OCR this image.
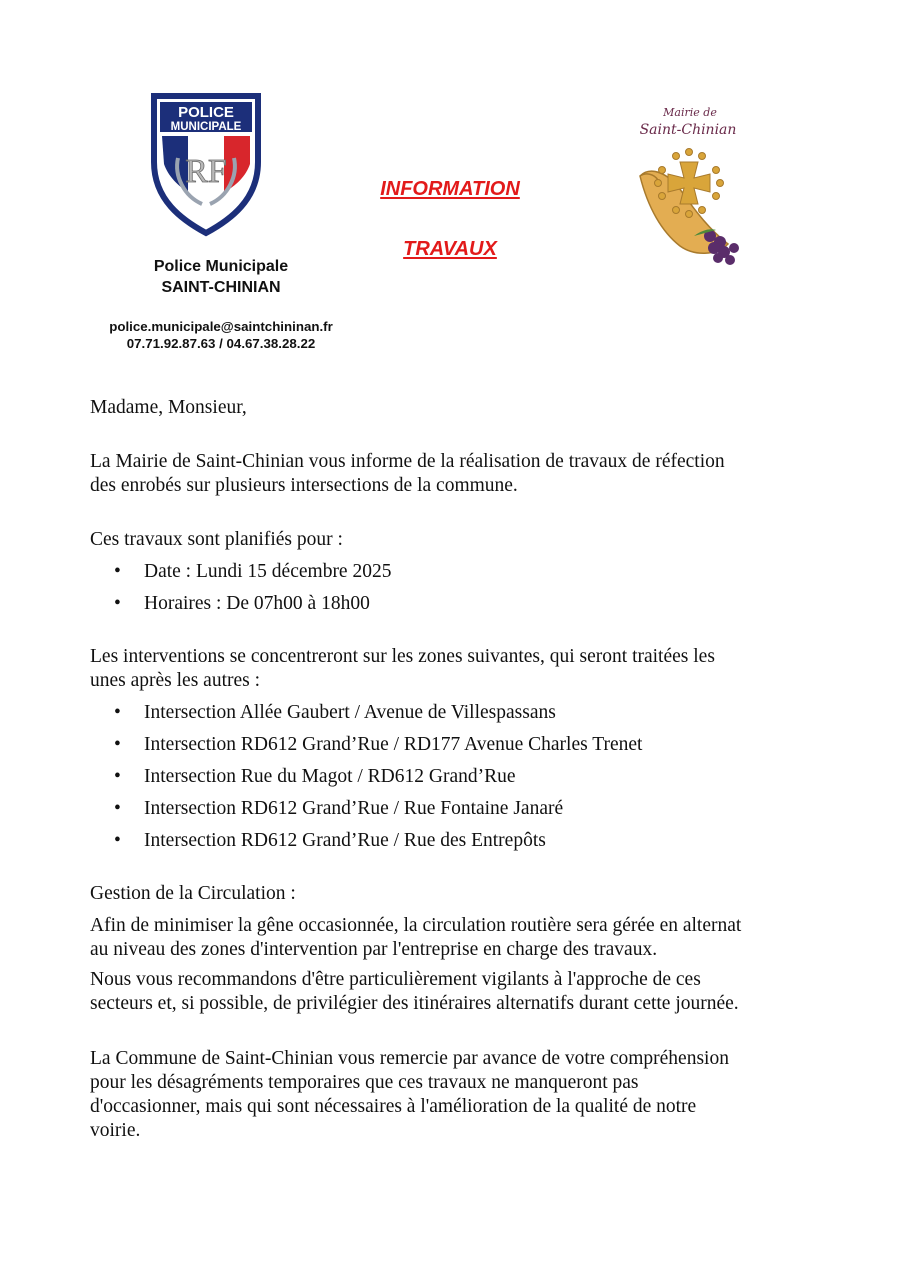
POLICE
MUNICIPALE
RF
Police Municipale
SAINT-CHINIAN
police.municipale@saintchininan.fr
07.71.92.87.63 / 04.67.38.28.22
INFORMATION
TRAVAUX
Mairie de
Saint-Chinian
Madame, Monsieur,
La Mairie de Saint-Chinian vous informe de la réalisation de travaux de réfection
des enrobés sur plusieurs intersections de la commune.
Ces travaux sont planifiés pour :
•	Date : Lundi 15 décembre 2025
•	Horaires : De 07h00 à 18h00
Les interventions se concentreront sur les zones suivantes, qui seront traitées les
unes après les autres :
•	Intersection Allée Gaubert / Avenue de Villespassans
•	Intersection RD612 Grand’Rue / RD177 Avenue Charles Trenet
•	Intersection Rue du Magot / RD612 Grand’Rue
•	Intersection RD612 Grand’Rue / Rue Fontaine Janaré
•	Intersection RD612 Grand’Rue / Rue des Entrepôts
Gestion de la Circulation :
Afin de minimiser la gêne occasionnée, la circulation routière sera gérée en alternat
au niveau des zones d'intervention par l'entreprise en charge des travaux.
Nous vous recommandons d'être particulièrement vigilants à l'approche de ces
secteurs et, si possible, de privilégier des itinéraires alternatifs durant cette journée.
La Commune de Saint-Chinian vous remercie par avance de votre compréhension
pour les désagréments temporaires que ces travaux ne manqueront pas
d'occasionner, mais qui sont nécessaires à l'amélioration de la qualité de notre
voirie.
